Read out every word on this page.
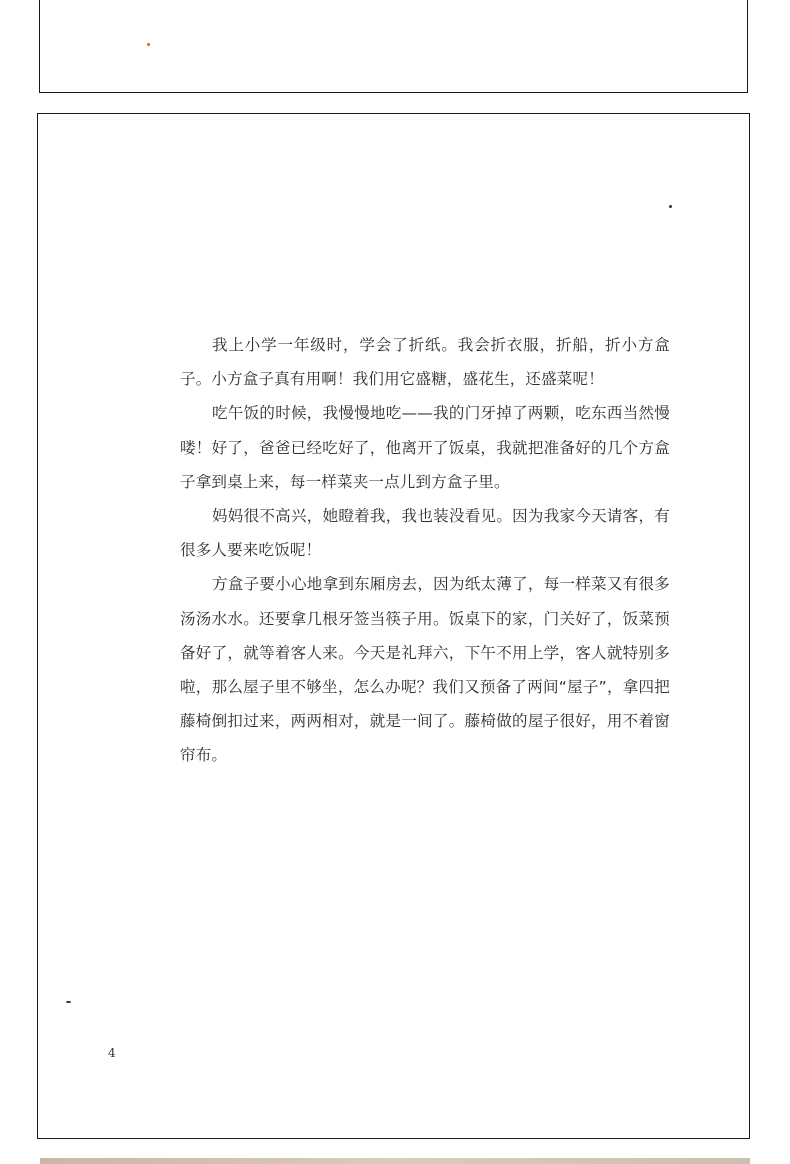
我上小学一年级时，学会了折纸。我会折衣服，折船，折小方盒子。小方盒子真有用啊！我们用它盛糖，盛花生，还盛菜呢！

吃午饭的时候，我慢慢地吃——我的门牙掉了两颗，吃东西当然慢喽！好了，爸爸已经吃好了，他离开了饭桌，我就把准备好的几个方盒子拿到桌上来，每一样菜夹一点儿到方盒子里。

妈妈很不高兴，她瞪着我，我也装没看见。因为我家今天请客，有很多人要来吃饭呢！

方盒子要小心地拿到东厢房去，因为纸太薄了，每一样菜又有很多汤汤水水。还要拿几根牙签当筷子用。饭桌下的家，门关好了，饭菜预备好了，就等着客人来。今天是礼拜六，下午不用上学，客人就特别多啦，那么屋子里不够坐，怎么办呢？我们又预备了两间“屋子”，拿四把藤椅倒扣过来，两两相对，就是一间了。藤椅做的屋子很好，用不着窗帘布。

4
